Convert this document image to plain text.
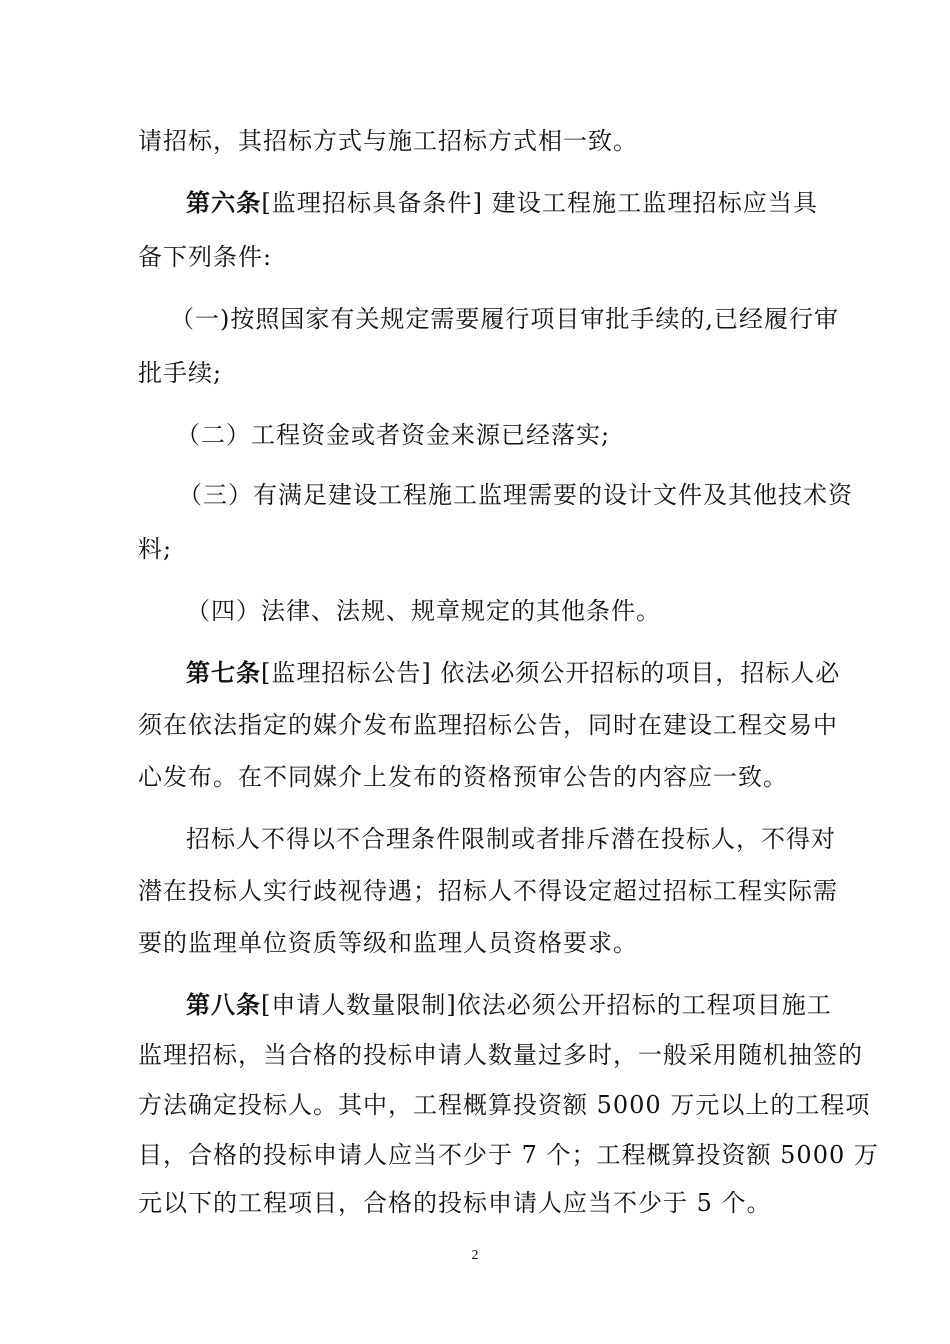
请招标，其招标方式与施工招标方式相一致。
第六条[监理招标具备条件] 建设工程施工监理招标应当具
备下列条件:
（一)按照国家有关规定需要履行项目审批手续的,已经履行审
批手续;
（二）工程资金或者资金来源已经落实;
（三）有满足建设工程施工监理需要的设计文件及其他技术资
料;
（四）法律、法规、规章规定的其他条件。
第七条[监理招标公告] 依法必须公开招标的项目，招标人必
须在依法指定的媒介发布监理招标公告，同时在建设工程交易中
心发布。在不同媒介上发布的资格预审公告的内容应一致。
招标人不得以不合理条件限制或者排斥潜在投标人，不得对
潜在投标人实行歧视待遇；招标人不得设定超过招标工程实际需
要的监理单位资质等级和监理人员资格要求。
第八条[申请人数量限制]依法必须公开招标的工程项目施工
监理招标，当合格的投标申请人数量过多时，一般采用随机抽签的
方法确定投标人。其中，工程概算投资额 5000 万元以上的工程项
目，合格的投标申请人应当不少于 7 个；工程概算投资额 5000 万
元以下的工程项目，合格的投标申请人应当不少于 5 个。
2
